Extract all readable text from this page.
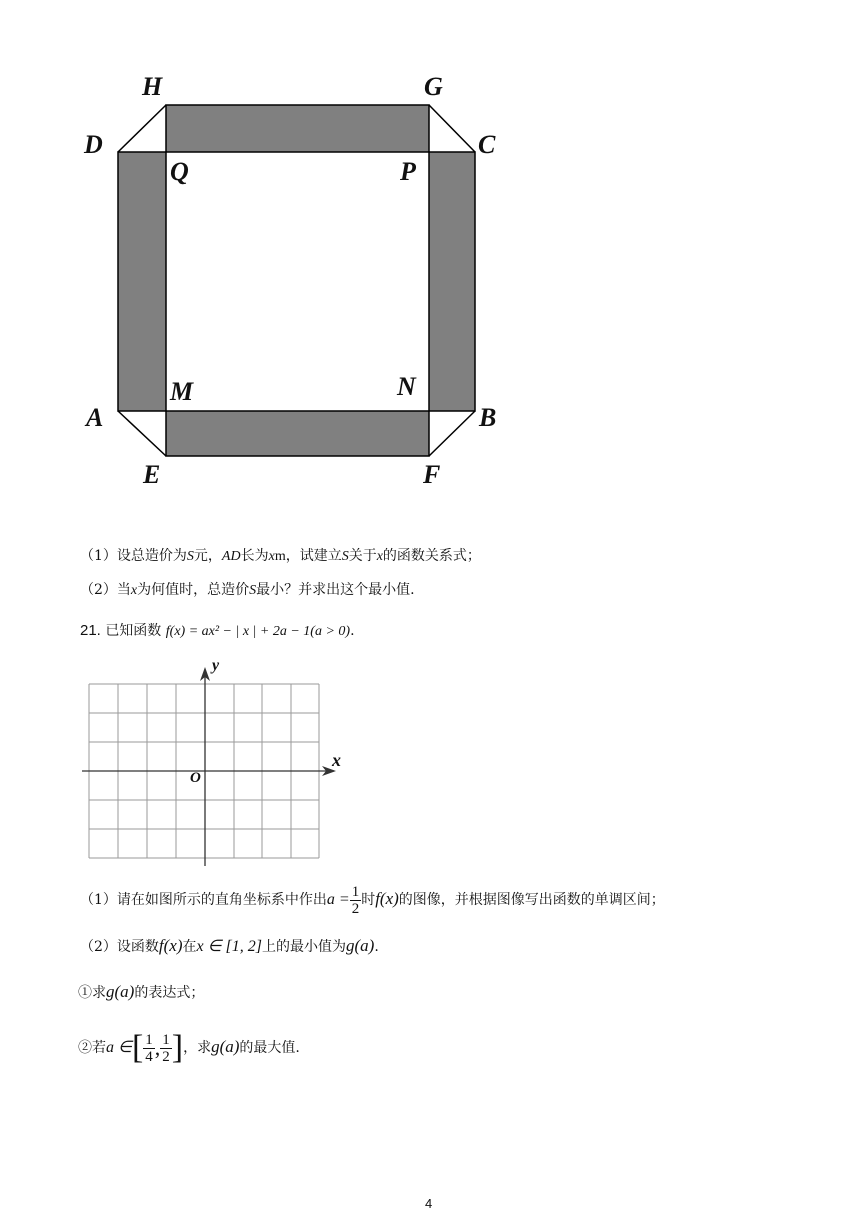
H	G
D	C
Q	P
M	N
A	B
E	F
（1）设总造价为S元，AD长为xm，试建立S关于x的函数关系式；
（2）当x为何值时，总造价S最小？并求出这个最小值.
21. 已知函数 f(x) = ax² − | x | + 2a − 1(a > 0).
y
x
O
（1）请在如图所示的直角坐标系中作出$a = \frac{1}{2}$ 时f(x)的图像，并根据图像写出函数的单调区间；
（2）设函数f(x)在x ∈ [1, 2]上的最小值为g(a).
①求g(a)的表达式；
②若a ∈[ $\frac{1}{4}$ , $\frac{1}{2}$ ]，求g(a)的最大值.
4
